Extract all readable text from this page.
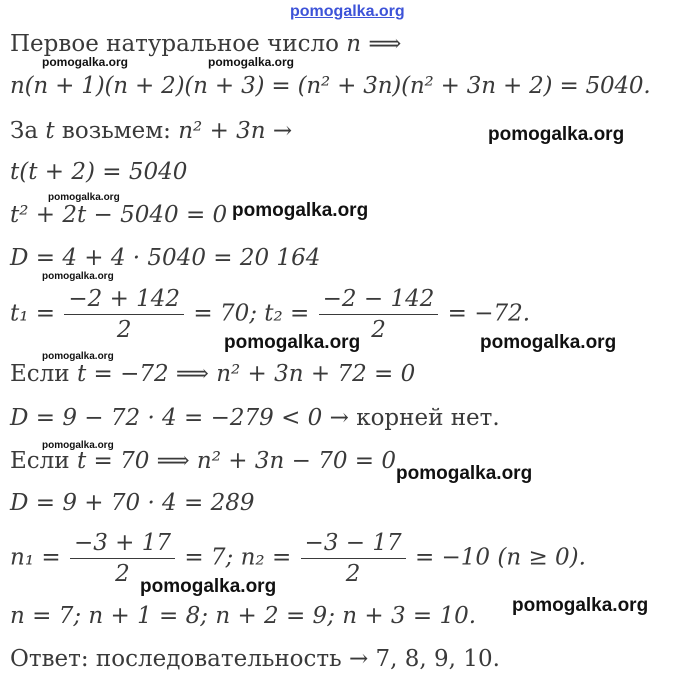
pomogalka.org
pomogalka.org	pomogalka.org
pomogalka.org
pomogalka.org
pomogalka.org
pomogalka.org
pomogalka.org	pomogalka.org
pomogalka.org
pomogalka.org
pomogalka.org
pomogalka.org
pomogalka.org
Первое натуральное число n ⟹
n(n + 1)(n + 2)(n + 3) = (n² + 3n)(n² + 3n + 2) = 5040.
За t возьмем: n² + 3n →
t(t + 2) = 5040
t² + 2t − 5040 = 0
D = 4 + 4 · 5040 = 20 164
$t_1 = \frac{-2 + 142}{2} = 70$; $t_2 = \frac{-2 - 142}{2} = -72$.
Если t = −72 ⟹ n² + 3n + 72 = 0
D = 9 − 72 · 4 = −279 < 0 → корней нет.
Если t = 70 ⟹ n² + 3n − 70 = 0
D = 9 + 70 · 4 = 289
$n_1 = \frac{-3 + 17}{2} = 7$; $n_2 = \frac{-3 - 17}{2} = -10$ (n ≥ 0).
n = 7; n + 1 = 8; n + 2 = 9; n + 3 = 10.
Ответ: последовательность → 7, 8, 9, 10.
